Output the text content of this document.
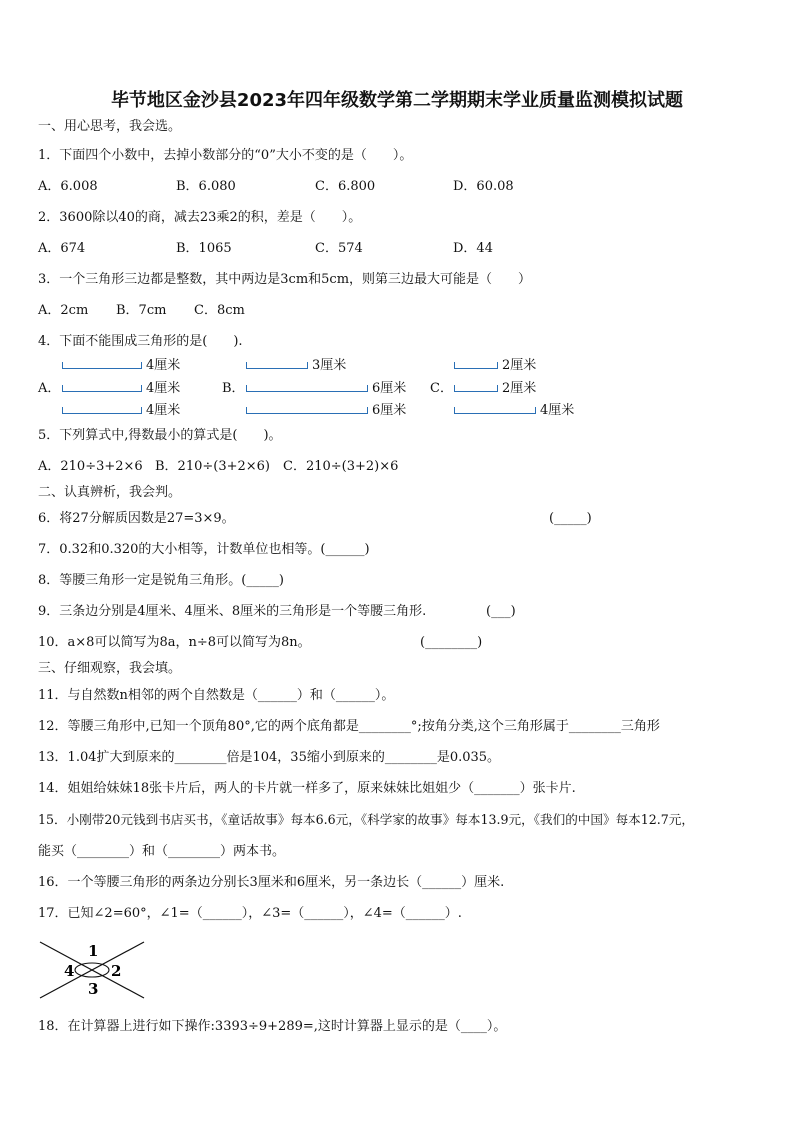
毕节地区金沙县2023年四年级数学第二学期期末学业质量监测模拟试题
一、用心思考，我会选。
1．下面四个小数中，去掉小数部分的“0”大小不变的是（　　）。
A．6.008	B．6.080	C．6.800	D．60.08
2．3600除以40的商，减去23乘2的积，差是（　　）。
A．674	B．1065	C．574	D．44
3．一个三角形三边都是整数，其中两边是3cm和5cm，则第三边最大可能是（　　）
A．2cm B．7cm C．8cm
4．下面不能围成三角形的是(　　).
A．
4厘米
4厘米
4厘米
B．
3厘米
6厘米
6厘米
C．
2厘米
2厘米
4厘米
5．下列算式中,得数最小的算式是(　　)。
A．210÷3+2×6 B．210÷(3+2×6) C．210÷(3+2)×6
二、认真辨析，我会判。
6．将27分解质因数是27=3×9。	(_____)
7．0.32和0.320的大小相等，计数单位也相等。(______)
8．等腰三角形一定是锐角三角形。(_____)
9．三条边分别是4厘米、4厘米、8厘米的三角形是一个等腰三角形.	(___)
10．a×8可以简写为8a，n÷8可以简写为8n。	(________)
三、仔细观察，我会填。
11．与自然数n相邻的两个自然数是（______）和（______）。
12．等腰三角形中,已知一个顶角80°,它的两个底角都是________°;按角分类,这个三角形属于________三角形
13．1.04扩大到原来的________倍是104，35缩小到原来的________是0.035。
14．姐姐给妹妹18张卡片后，两人的卡片就一样多了，原来妹妹比姐姐少（_______）张卡片.
15．小刚带20元钱到书店买书，《童话故事》每本6.6元，《科学家的故事》每本13.9元，《我们的中国》每本12.7元，
能买（________）和（________）两本书。
16．一个等腰三角形的两条边分别长3厘米和6厘米，另一条边长（______）厘米.
17．已知∠2=60°，∠1=（______），∠3=（______），∠4=（______）.
1
2
3
4
18．在计算器上进行如下操作:3393÷9+289=,这时计算器上显示的是（____）。
